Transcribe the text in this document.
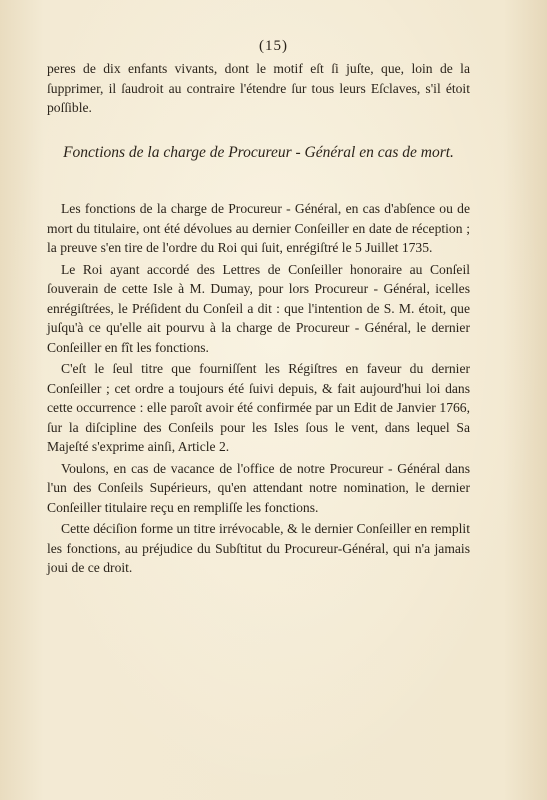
(15)

peres de dix enfants vivants, dont le motif eſt ſi juſte, que, loin de la ſupprimer, il ſaudroit au contraire l'étendre ſur tous leurs Eſclaves, s'il étoit poſſible.

Fonctions de la charge de Procureur - Général en cas de mort.

Les fonctions de la charge de Procureur - Général, en cas d'abſence ou de mort du titulaire, ont été dévolues au dernier Conſeiller en date de réception ; la preuve s'en tire de l'ordre du Roi qui ſuit, enrégiſtré le 5 Juillet 1735.

Le Roi ayant accordé des Lettres de Conſeiller honoraire au Conſeil ſouverain de cette Isle à M. Dumay, pour lors Procureur - Général, icelles enrégiſtrées, le Préſident du Conſeil a dit : que l'intention de S. M. étoit, que juſqu'à ce qu'elle ait pourvu à la charge de Procureur - Général, le dernier Conſeiller en fît les fonctions.

C'eſt le ſeul titre que fourniſſent les Régiſtres en faveur du dernier Conſeiller ; cet ordre a toujours été ſuivi depuis, & fait aujourd'hui loi dans cette occurrence : elle paroît avoir été confirmée par un Edit de Janvier 1766, ſur la diſcipline des Conſeils pour les Isles ſous le vent, dans lequel Sa Majeſté s'exprime ainſi, Article 2.

Voulons, en cas de vacance de l'office de notre Procureur - Général dans l'un des Conſeils Supérieurs, qu'en attendant notre nomination, le dernier Conſeiller titulaire reçu en rempliſſe les fonctions.

Cette déciſion forme un titre irrévocable, & le dernier Conſeiller en remplit les fonctions, au préjudice du Subſtitut du Procureur-Général, qui n'a jamais joui de ce droit.
